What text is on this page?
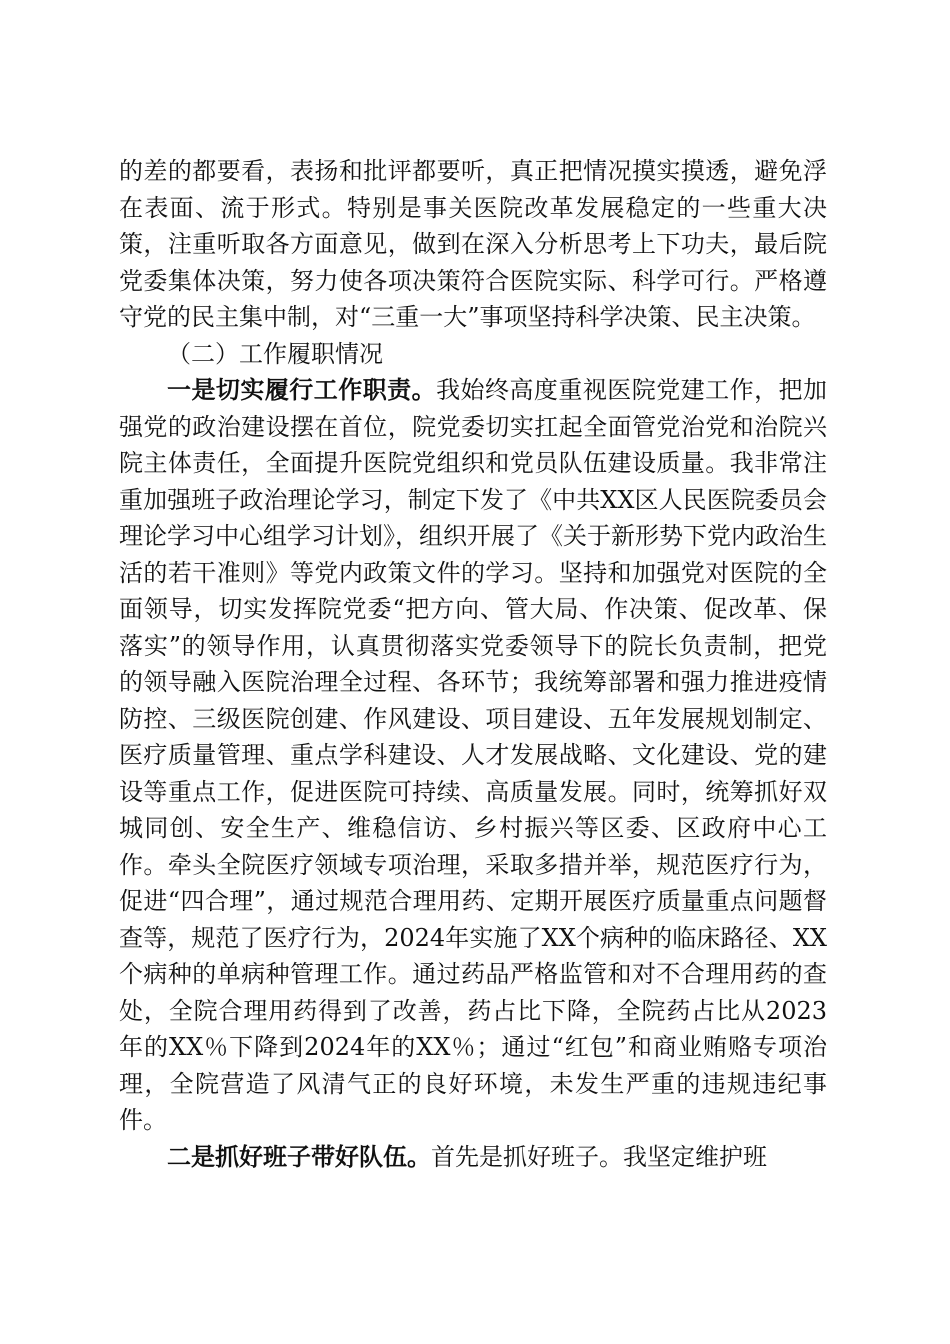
的差的都要看，表扬和批评都要听，真正把情况摸实摸透，避免浮在表面、流于形式。特别是事关医院改革发展稳定的一些重大决策，注重听取各方面意见，做到在深入分析思考上下功夫，最后院党委集体决策，努力使各项决策符合医院实际、科学可行。严格遵守党的民主集中制，对“三重一大”事项坚持科学决策、民主决策。

（二）工作履职情况

一是切实履行工作职责。我始终高度重视医院党建工作，把加强党的政治建设摆在首位，院党委切实扛起全面管党治党和治院兴院主体责任，全面提升医院党组织和党员队伍建设质量。我非常注重加强班子政治理论学习，制定下发了《中共XX区人民医院委员会理论学习中心组学习计划》，组织开展了《关于新形势下党内政治生活的若干准则》等党内政策文件的学习。坚持和加强党对医院的全面领导，切实发挥院党委“把方向、管大局、作决策、促改革、保落实”的领导作用，认真贯彻落实党委领导下的院长负责制，把党的领导融入医院治理全过程、各环节；我统筹部署和强力推进疫情防控、三级医院创建、作风建设、项目建设、五年发展规划制定、医疗质量管理、重点学科建设、人才发展战略、文化建设、党的建设等重点工作，促进医院可持续、高质量发展。同时，统筹抓好双城同创、安全生产、维稳信访、乡村振兴等区委、区政府中心工作。牵头全院医疗领域专项治理，采取多措并举，规范医疗行为，促进“四合理”，通过规范合理用药、定期开展医疗质量重点问题督查等，规范了医疗行为，2024年实施了XX个病种的临床路径、XX个病种的单病种管理工作。通过药品严格监管和对不合理用药的查处，全院合理用药得到了改善，药占比下降，全院药占比从2023年的XX％下降到2024年的XX％；通过“红包”和商业贿赂专项治理，全院营造了风清气正的良好环境，未发生严重的违规违纪事件。

二是抓好班子带好队伍。首先是抓好班子。我坚定维护班
